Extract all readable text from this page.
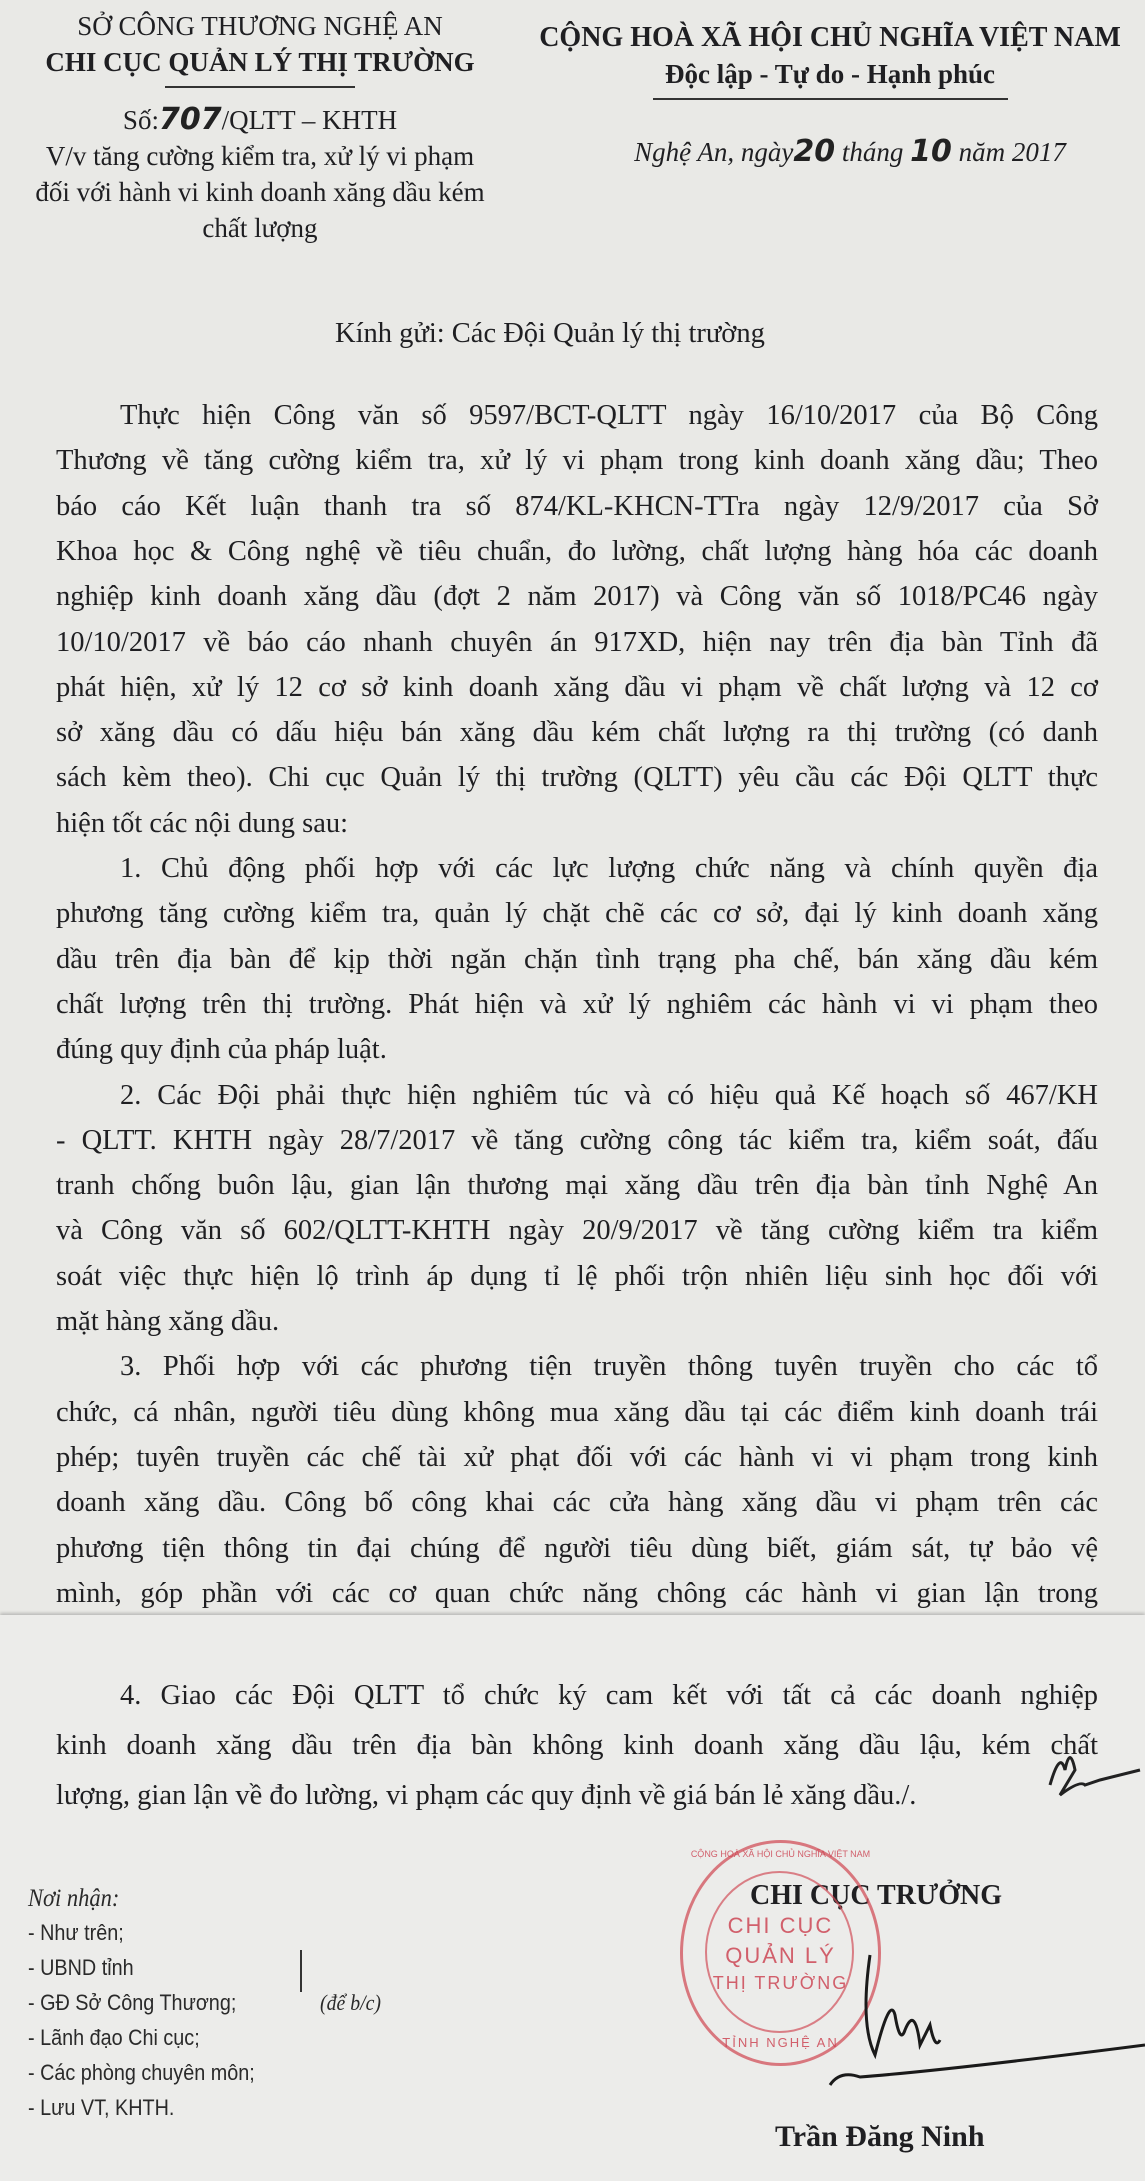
SỞ CÔNG THƯƠNG NGHỆ AN
CHI CỤC QUẢN LÝ THỊ TRƯỜNG
Số:707/QLTT – KHTH
V/v tăng cường kiểm tra, xử lý vi phạm
đối với hành vi kinh doanh xăng dầu kém
chất lượng
CỘNG HOÀ XÃ HỘI CHỦ NGHĨA VIỆT NAM
Độc lập - Tự do - Hạnh phúc
Nghệ An, ngày20 tháng 10 năm 2017
Kính gửi: Các Đội Quản lý thị trường
Thực hiện Công văn số 9597/BCT-QLTT ngày 16/10/2017 của Bộ Công
Thương về tăng cường kiểm tra, xử lý vi phạm trong kinh doanh xăng dầu; Theo
báo cáo Kết luận thanh tra số 874/KL-KHCN-TTra ngày 12/9/2017 của Sở
Khoa học & Công nghệ về tiêu chuẩn, đo lường, chất lượng hàng hóa các doanh
nghiệp kinh doanh xăng dầu (đợt 2 năm 2017) và Công văn số 1018/PC46 ngày
10/10/2017 về báo cáo nhanh chuyên án 917XD, hiện nay trên địa bàn Tỉnh đã
phát hiện, xử lý 12 cơ sở kinh doanh xăng dầu vi phạm về chất lượng và 12 cơ
sở xăng dầu có dấu hiệu bán xăng dầu kém chất lượng ra thị trường (có danh
sách kèm theo). Chi cục Quản lý thị trường (QLTT) yêu cầu các Đội QLTT thực
hiện tốt các nội dung sau:
1. Chủ động phối hợp với các lực lượng chức năng và chính quyền địa
phương tăng cường kiểm tra, quản lý chặt chẽ các cơ sở, đại lý kinh doanh xăng
dầu trên địa bàn để kịp thời ngăn chặn tình trạng pha chế, bán xăng dầu kém
chất lượng trên thị trường. Phát hiện và xử lý nghiêm các hành vi vi phạm theo
đúng quy định của pháp luật.
2. Các Đội phải thực hiện nghiêm túc và có hiệu quả Kế hoạch số 467/KH
- QLTT. KHTH ngày 28/7/2017 về tăng cường công tác kiểm tra, kiểm soát, đấu
tranh chống buôn lậu, gian lận thương mại xăng dầu trên địa bàn tỉnh Nghệ An
và Công văn số 602/QLTT-KHTH ngày 20/9/2017 về tăng cường kiểm tra kiểm
soát việc thực hiện lộ trình áp dụng tỉ lệ phối trộn nhiên liệu sinh học đối với
mặt hàng xăng dầu.
3. Phối hợp với các phương tiện truyền thông tuyên truyền cho các tổ
chức, cá nhân, người tiêu dùng không mua xăng dầu tại các điểm kinh doanh trái
phép; tuyên truyền các chế tài xử phạt đối với các hành vi vi phạm trong kinh
doanh xăng dầu. Công bố công khai các cửa hàng xăng dầu vi phạm trên các
phương tiện thông tin đại chúng để người tiêu dùng biết, giám sát, tự bảo vệ
mình, góp phần với các cơ quan chức năng chông các hành vi gian lận trong
4. Giao các Đội QLTT tổ chức ký cam kết với tất cả các doanh nghiệp
kinh doanh xăng dầu trên địa bàn không kinh doanh xăng dầu lậu, kém chất
lượng, gian lận về đo lường, vi phạm các quy định về giá bán lẻ xăng dầu./.
Nơi nhận:
- Như trên;
- UBND tỉnh
- GĐ Sở Công Thương;
- Lãnh đạo Chi cục;
- Các phòng chuyên môn;
- Lưu VT, KHTH.
(để b/c)
CHI CỤC TRƯỞNG
CHI CỤC
QUẢN LÝ
THỊ TRƯỜNG
CỘNG HOÀ XÃ HỘI CHỦ NGHĨA VIỆT NAM
TỈNH NGHỆ AN
Trần Đăng Ninh
